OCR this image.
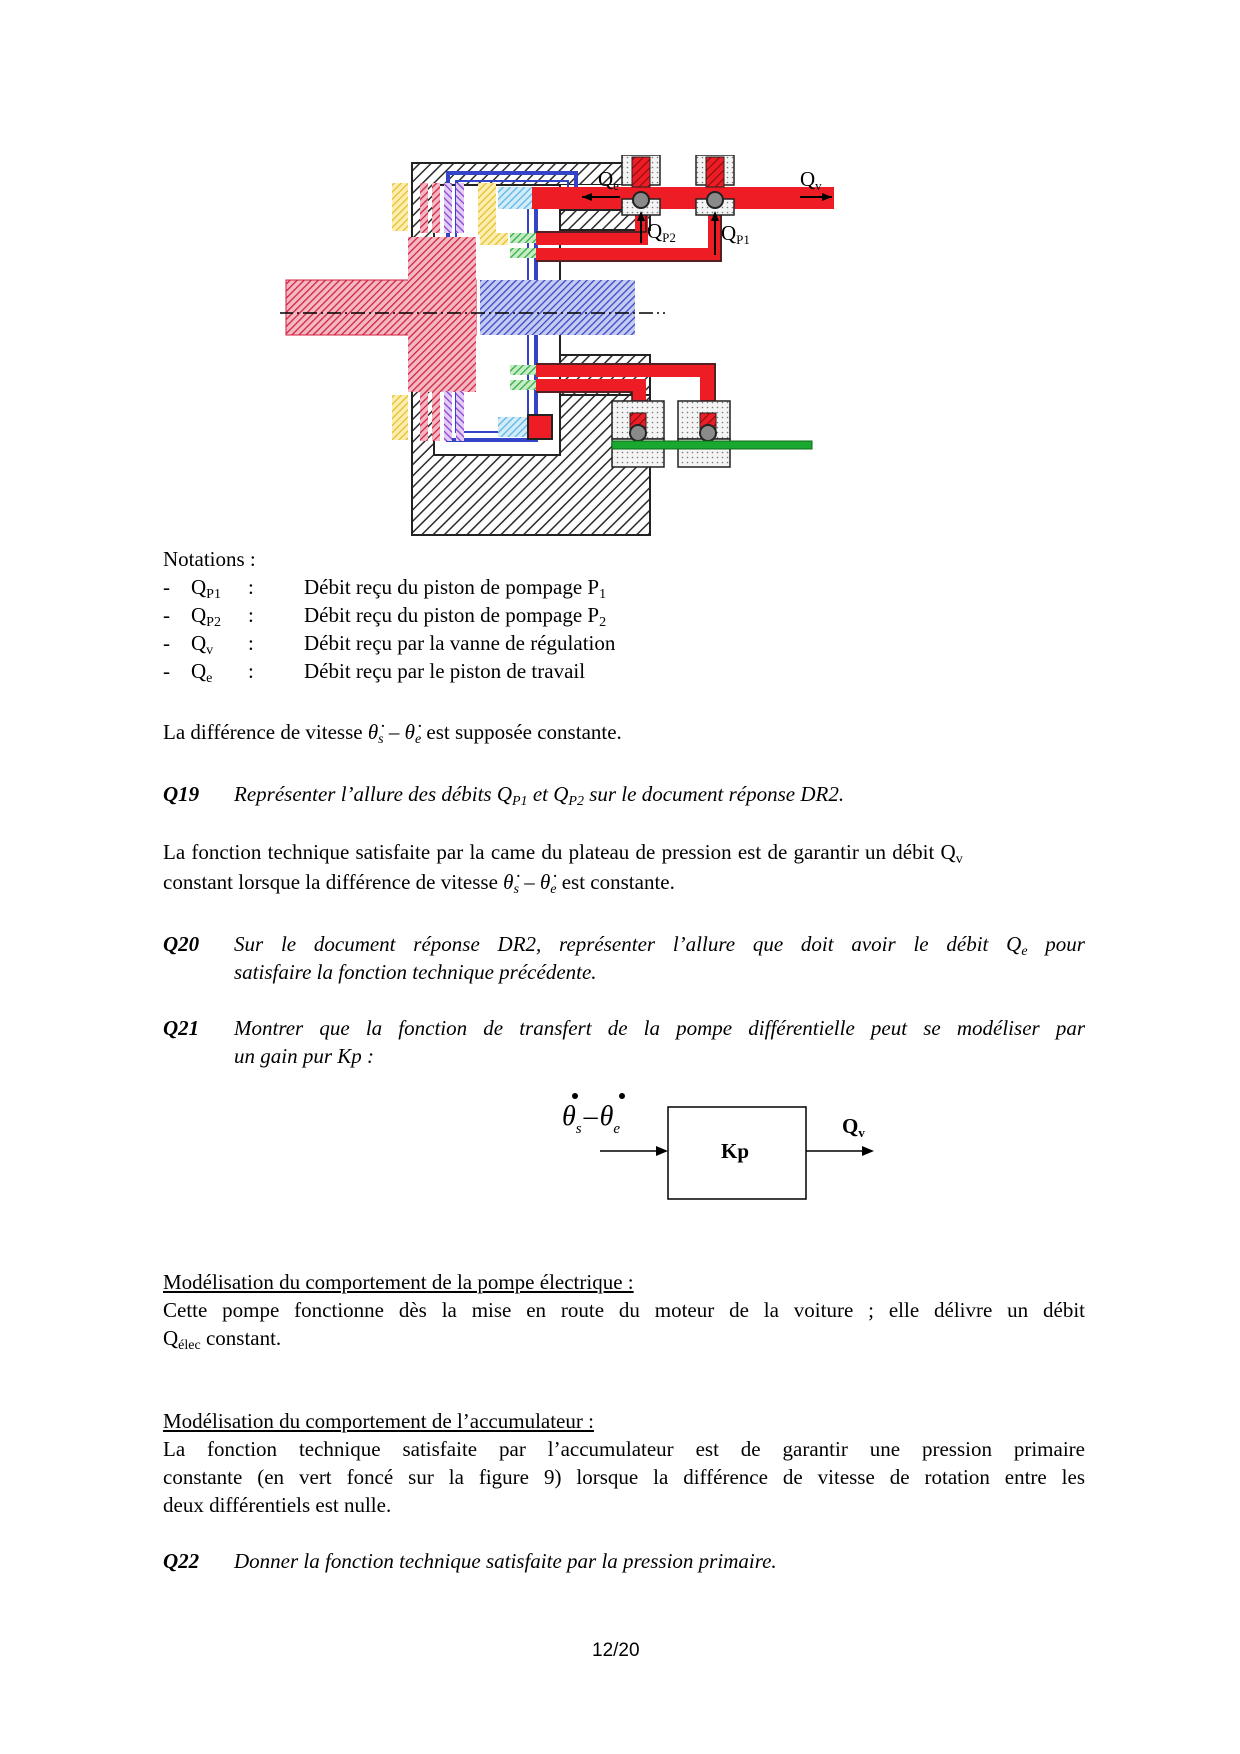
Qe	Qv
QP2 QP1
Notations :
- $Q_{P1}$ : Débit reçu du piston de pompage $P_1$
- $Q_{P2}$ : Débit reçu du piston de pompage $P_2$
- $Q_v$ : Débit reçu par la vanne de régulation
- $Q_e$ : Débit reçu par le piston de travail
La différence de vitesse $\thetȧ_s$ – $\thetȧ_e$ est supposée constante.
Q19 Représenter l’allure des débits $Q_{P1}$ et $Q_{P2}$ sur le document réponse DR2.
La fonction technique satisfaite par la came du plateau de pression est de garantir un débit $Q_v$
constant lorsque la différence de vitesse $\thetȧ_s$ – $\thetȧ_e$ est constante.
Q20 Sur le document réponse DR2, représenter l’allure que doit avoir le débit $Q_e$ pour
satisfaire la fonction technique précédente.
Q21 Montrer que la fonction de transfert de la pompe différentielle peut se modéliser par
un gain pur Kp :
$\theta_s-\theta_e$
Kp
Qv
Modélisation du comportement de la pompe électrique :
Cette pompe fonctionne dès la mise en route du moteur de la voiture ; elle délivre un débit
$Q_{élec}$ constant.
Modélisation du comportement de l’accumulateur :
La fonction technique satisfaite par l’accumulateur est de garantir une pression primaire
constante (en vert foncé sur la figure 9) lorsque la différence de vitesse de rotation entre les
deux différentiels est nulle.
Q22 Donner la fonction technique satisfaite par la pression primaire.
12/20
